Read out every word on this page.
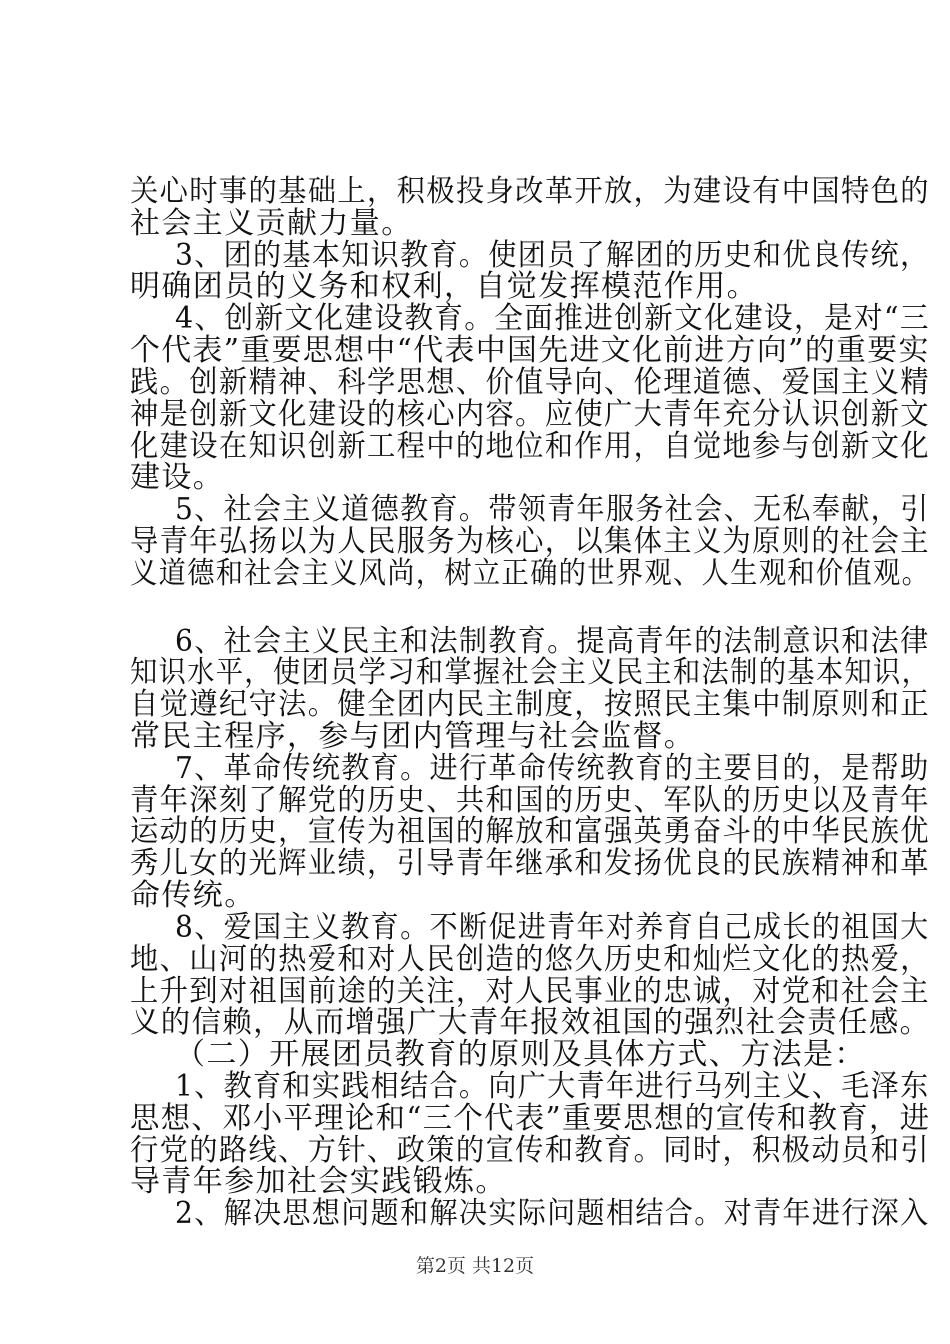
关心时事的基础上，积极投身改革开放，为建设有中国特色的
社会主义贡献力量。
3、团的基本知识教育。使团员了解团的历史和优良传统，
明确团员的义务和权利，自觉发挥模范作用。
4、创新文化建设教育。全面推进创新文化建设，是对“三
个代表”重要思想中“代表中国先进文化前进方向”的重要实
践。创新精神、科学思想、价值导向、伦理道德、爱国主义精
神是创新文化建设的核心内容。应使广大青年充分认识创新文
化建设在知识创新工程中的地位和作用，自觉地参与创新文化
建设。
5、社会主义道德教育。带领青年服务社会、无私奉献，引
导青年弘扬以为人民服务为核心，以集体主义为原则的社会主
义道德和社会主义风尚，树立正确的世界观、人生观和价值观。
6、社会主义民主和法制教育。提高青年的法制意识和法律
知识水平，使团员学习和掌握社会主义民主和法制的基本知识，
自觉遵纪守法。健全团内民主制度，按照民主集中制原则和正
常民主程序，参与团内管理与社会监督。
7、革命传统教育。进行革命传统教育的主要目的，是帮助
青年深刻了解党的历史、共和国的历史、军队的历史以及青年
运动的历史，宣传为祖国的解放和富强英勇奋斗的中华民族优
秀儿女的光辉业绩，引导青年继承和发扬优良的民族精神和革
命传统。
8、爱国主义教育。不断促进青年对养育自己成长的祖国大
地、山河的热爱和对人民创造的悠久历史和灿烂文化的热爱，
上升到对祖国前途的关注，对人民事业的忠诚，对党和社会主
义的信赖，从而增强广大青年报效祖国的强烈社会责任感。
（二）开展团员教育的原则及具体方式、方法是：
1、教育和实践相结合。向广大青年进行马列主义、毛泽东
思想、邓小平理论和“三个代表”重要思想的宣传和教育，进
行党的路线、方针、政策的宣传和教育。同时，积极动员和引
导青年参加社会实践锻炼。
2、解决思想问题和解决实际问题相结合。对青年进行深入
第2页 共12页
